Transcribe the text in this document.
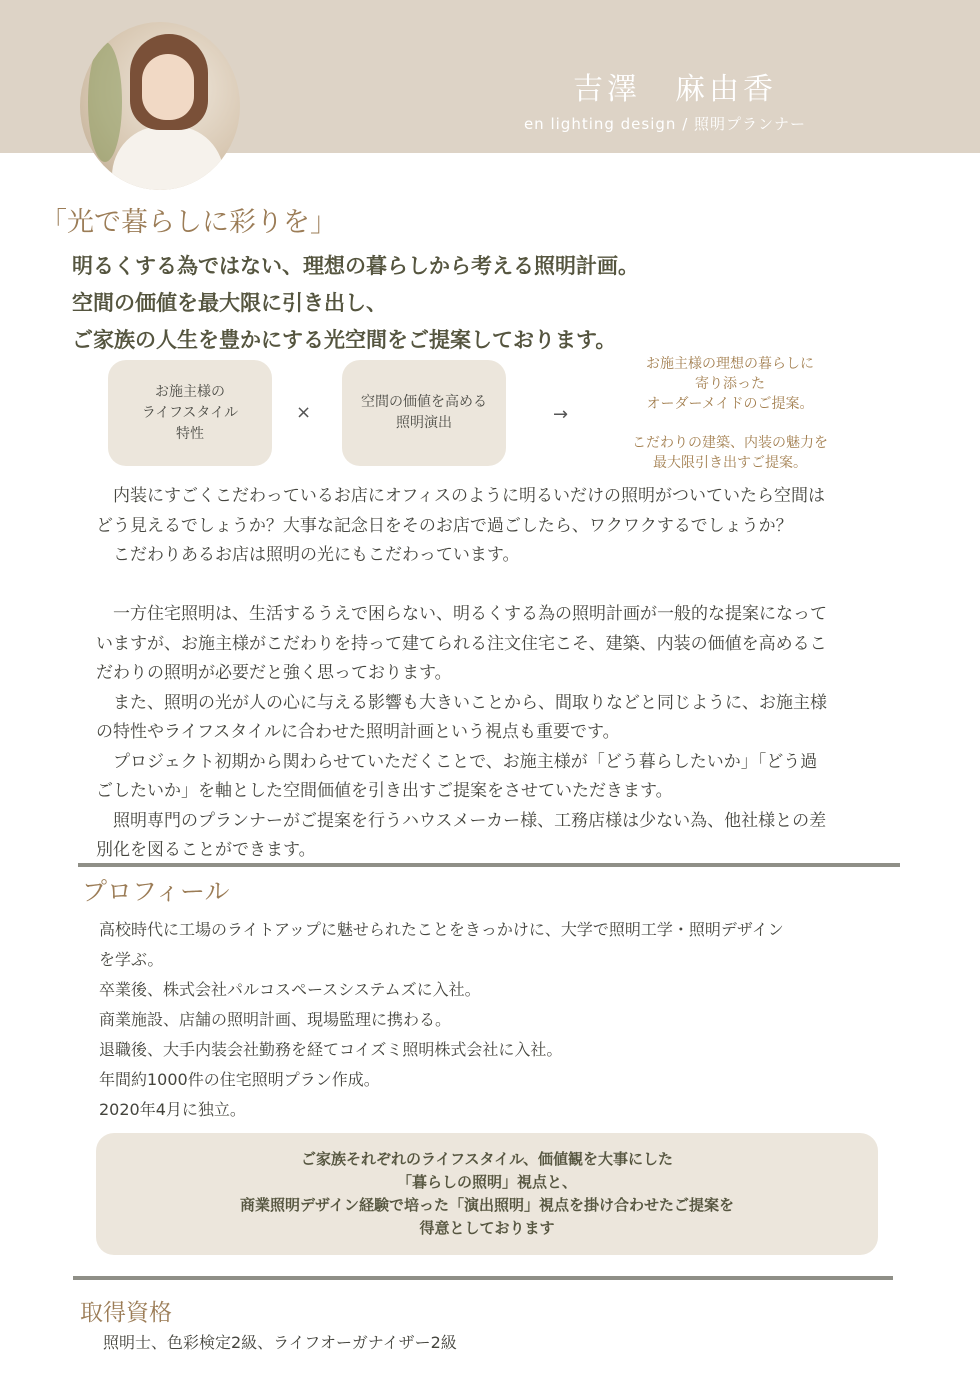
吉澤　麻由香
en lighting design / 照明プランナー
「光で暮らしに彩りを」
明るくする為ではない、理想の暮らしから考える照明計画。
空間の価値を最大限に引き出し、
ご家族の人生を豊かにする光空間をご提案しております。
お施主様の
ライフスタイル
特性
×	空間の価値を高める
照明演出	→
お施主様の理想の暮らしに
寄り添った
オーダーメイドのご提案。
こだわりの建築、内装の魅力を
最大限引き出すご提案。
　内装にすごくこだわっているお店にオフィスのように明るいだけの照明がついていたら空間は
どう見えるでしょうか？大事な記念日をそのお店で過ごしたら、ワクワクするでしょうか？
　こだわりあるお店は照明の光にもこだわっています。
　一方住宅照明は、生活するうえで困らない、明るくする為の照明計画が一般的な提案になって
いますが、お施主様がこだわりを持って建てられる注文住宅こそ、建築、内装の価値を高めるこ
だわりの照明が必要だと強く思っております。
　また、照明の光が人の心に与える影響も大きいことから、間取りなどと同じように、お施主様
の特性やライフスタイルに合わせた照明計画という視点も重要です。
　プロジェクト初期から関わらせていただくことで、お施主様が「どう暮らしたいか」「どう過
ごしたいか」を軸とした空間価値を引き出すご提案をさせていただきます。
　照明専門のプランナーがご提案を行うハウスメーカー様、工務店様は少ない為、他社様との差
別化を図ることができます。
プロフィール
高校時代に工場のライトアップに魅せられたことをきっかけに、大学で照明工学・照明デザイン
を学ぶ。
卒業後、株式会社パルコスペースシステムズに入社。
商業施設、店舗の照明計画、現場監理に携わる。
退職後、大手内装会社勤務を経てコイズミ照明株式会社に入社。
年間約1000件の住宅照明プラン作成。
2020年4月に独立。
ご家族それぞれのライフスタイル、価値観を大事にした
「暮らしの照明」視点と、
商業照明デザイン経験で培った「演出照明」視点を掛け合わせたご提案を
得意としております
取得資格
照明士、色彩検定2級、ライフオーガナイザー2級
